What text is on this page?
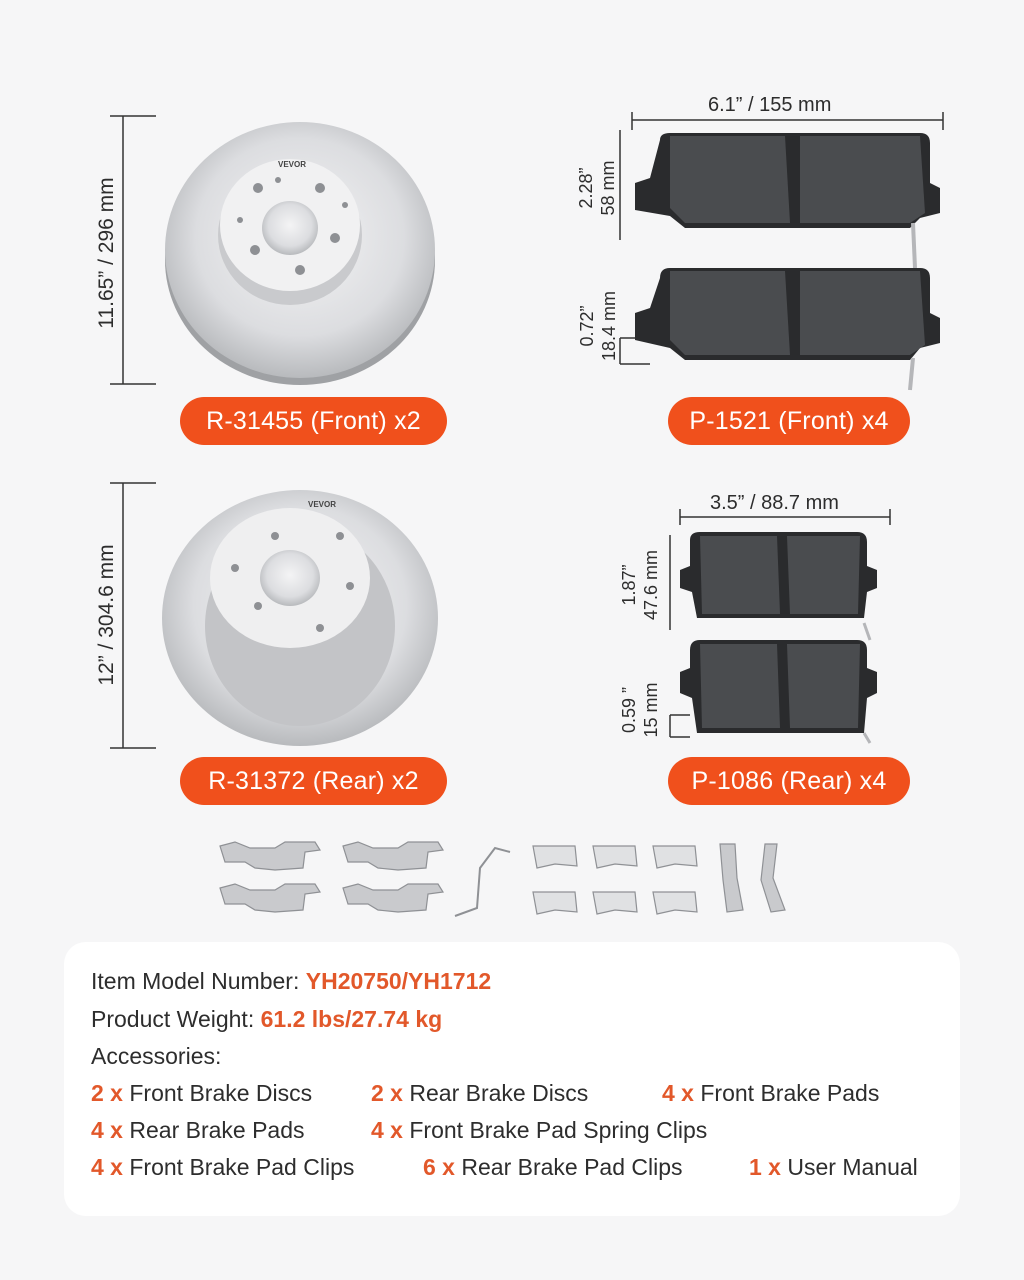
11.65” / 296 mm
VEVOR
R-31455 (Front) x2
6.1” / 155 mm
2.28” 58 mm
0.72” 18.4 mm
P-1521 (Front) x4
12” / 304.6 mm
VEVOR
R-31372 (Rear) x2
3.5” / 88.7 mm
1.87” 47.6 mm
0.59 ” 15 mm
P-1086 (Rear) x4
Item Model Number: YH20750/YH1712
Product Weight: 61.2 lbs/27.74 kg
Accessories:
2 x Front Brake Discs	2 x Rear Brake Discs	4 x Front Brake Pads
4 x Rear Brake Pads	4 x Front Brake Pad Spring Clips
4 x Front Brake Pad Clips	6 x Rear Brake Pad Clips	1 x User Manual
